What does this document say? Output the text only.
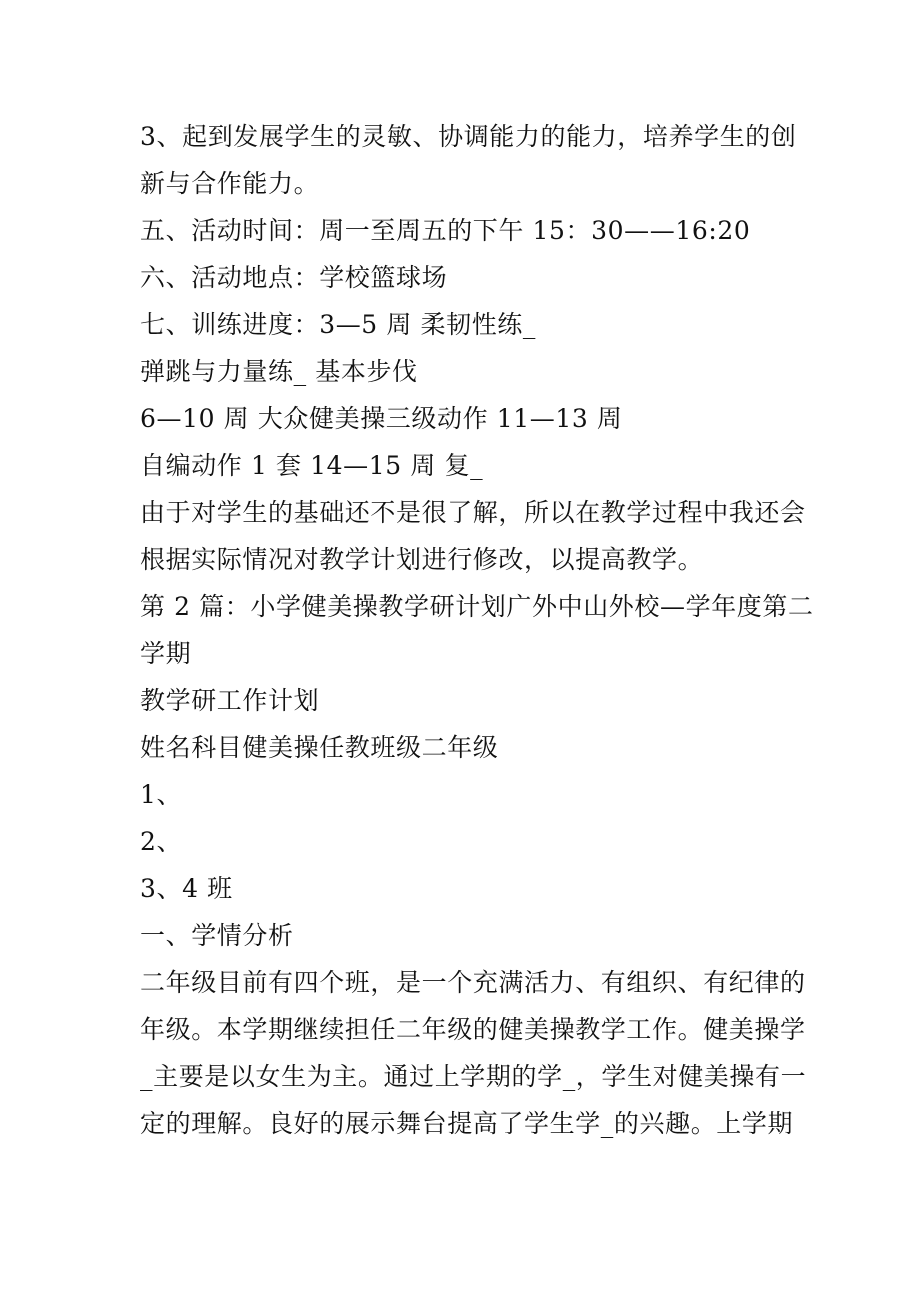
3、起到发展学生的灵敏、协调能力的能力，培养学生的创
新与合作能力。
五、活动时间：周一至周五的下午 15：30——16:20
六、活动地点：学校篮球场
七、训练进度：3—5 周 柔韧性练_
弹跳与力量练_ 基本步伐
6—10 周 大众健美操三级动作 11—13 周
自编动作 1 套 14—15 周 复_
由于对学生的基础还不是很了解，所以在教学过程中我还会
根据实际情况对教学计划进行修改，以提高教学。
第 2 篇：小学健美操教学研计划广外中山外校—学年度第二
学期
教学研工作计划
姓名科目健美操任教班级二年级
1、
2、
3、4 班
一、学情分析
二年级目前有四个班，是一个充满活力、有组织、有纪律的
年级。本学期继续担任二年级的健美操教学工作。健美操学
_主要是以女生为主。通过上学期的学_，学生对健美操有一
定的理解。良好的展示舞台提高了学生学_的兴趣。上学期
